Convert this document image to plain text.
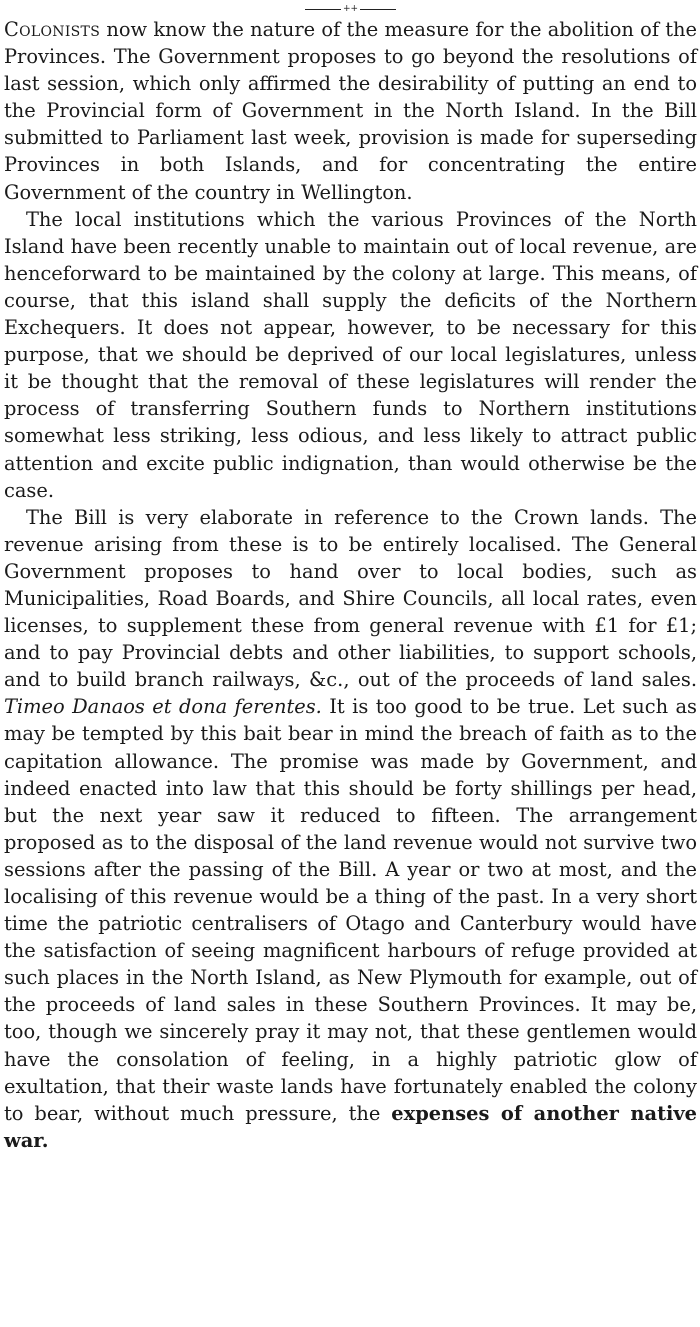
++

Colonists now know the nature of the measure for the abolition of the Provinces. The Government proposes to go beyond the resolutions of last session, which only affirmed the desirability of putting an end to the Provincial form of Government in the North Island. In the Bill submitted to Parliament last week, provision is made for superseding Provinces in both Islands, and for concentrating the entire Government of the country in Wellington.

The local institutions which the various Provinces of the North Island have been recently unable to maintain out of local revenue, are henceforward to be maintained by the colony at large. This means, of course, that this island shall supply the deficits of the Northern Exchequers. It does not appear, however, to be necessary for this purpose, that we should be deprived of our local legislatures, unless it be thought that the removal of these legislatures will render the process of transferring Southern funds to Northern institutions somewhat less striking, less odious, and less likely to attract public attention and excite public indignation, than would otherwise be the case.

The Bill is very elaborate in reference to the Crown lands. The revenue arising from these is to be entirely localised. The General Government proposes to hand over to local bodies, such as Municipalities, Road Boards, and Shire Councils, all local rates, even licenses, to supplement these from general revenue with £1 for £1; and to pay Provincial debts and other liabilities, to support schools, and to build branch railways, &c., out of the proceeds of land sales. Timeo Danaos et dona ferentes. It is too good to be true. Let such as may be tempted by this bait bear in mind the breach of faith as to the capitation allowance. The promise was made by Government, and indeed enacted into law that this should be forty shillings per head, but the next year saw it reduced to fifteen. The arrangement proposed as to the disposal of the land revenue would not survive two sessions after the passing of the Bill. A year or two at most, and the localising of this revenue would be a thing of the past. In a very short time the patriotic centralisers of Otago and Canterbury would have the satisfaction of seeing magnificent harbours of refuge provided at such places in the North Island, as New Plymouth for example, out of the proceeds of land sales in these Southern Provinces. It may be, too, though we sincerely pray it may not, that these gentlemen would have the consolation of feeling, in a highly patriotic glow of exultation, that their waste lands have fortunately enabled the colony to bear, without much pressure, the expenses of another native war.
